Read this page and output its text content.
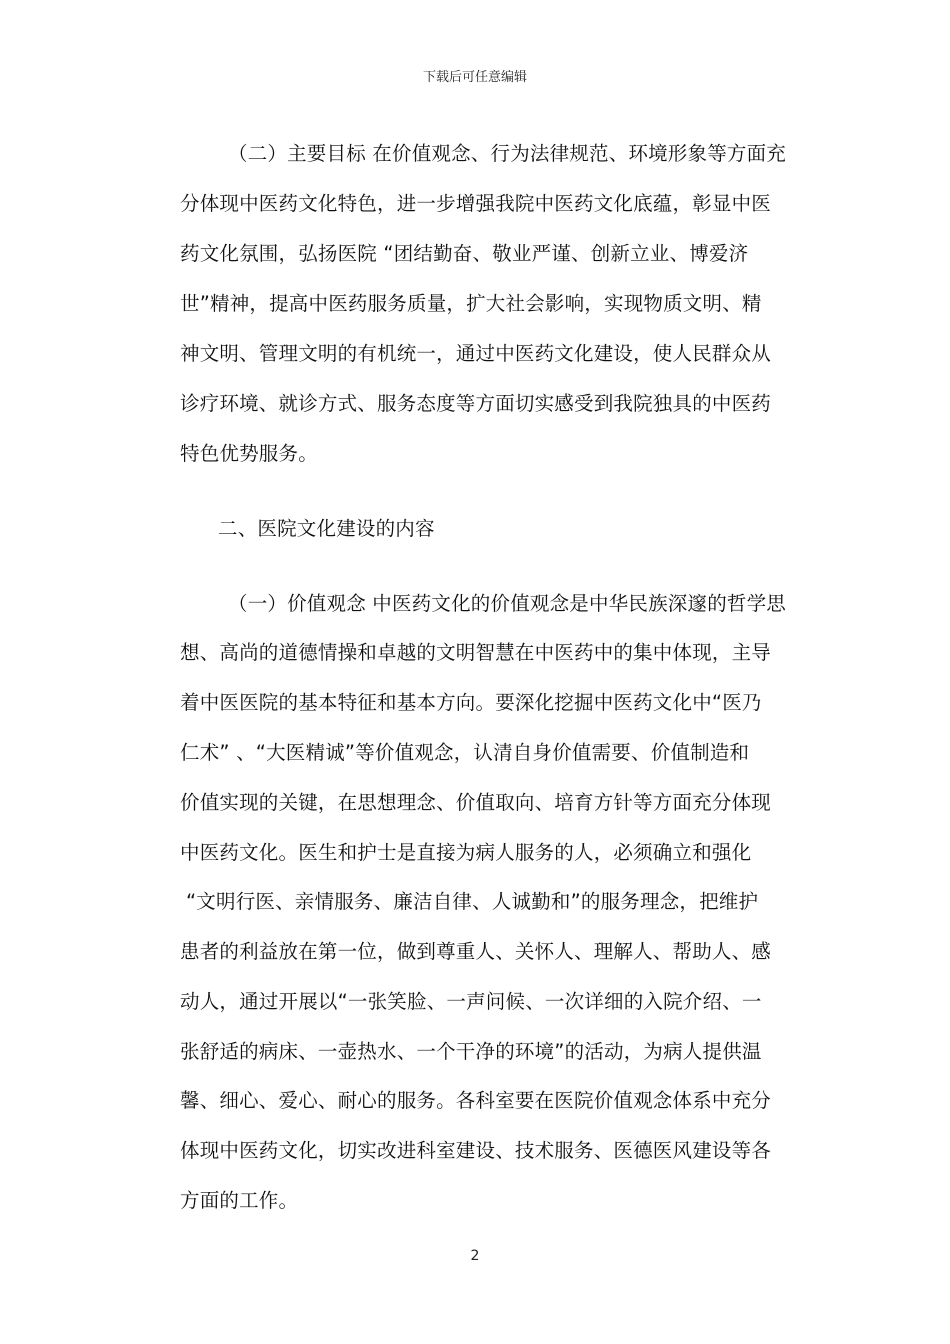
下载后可任意编辑
（二）主要目标 在价值观念、行为法律规范、环境形象等方面充
分体现中医药文化特色，进一步增强我院中医药文化底蕴，彰显中医
药文化氛围，弘扬医院 “团结勤奋、敬业严谨、创新立业、博爱济
世”精神，提高中医药服务质量，扩大社会影响，实现物质文明、精
神文明、管理文明的有机统一，通过中医药文化建设，使人民群众从
诊疗环境、就诊方式、服务态度等方面切实感受到我院独具的中医药
特色优势服务。
二、医院文化建设的内容
（一）价值观念 中医药文化的价值观念是中华民族深邃的哲学思
想、高尚的道德情操和卓越的文明智慧在中医药中的集中体现，主导
着中医医院的基本特征和基本方向。要深化挖掘中医药文化中“医乃
仁术” 、“大医精诚”等价值观念，认清自身价值需要、价值制造和
价值实现的关键，在思想理念、价值取向、培育方针等方面充分体现
中医药文化。医生和护士是直接为病人服务的人，必须确立和强化
“文明行医、亲情服务、廉洁自律、人诚勤和”的服务理念，把维护
患者的利益放在第一位，做到尊重人、关怀人、理解人、帮助人、感
动人，通过开展以“一张笑脸、一声问候、一次详细的入院介绍、一
张舒适的病床、一壶热水、一个干净的环境”的活动，为病人提供温
馨、细心、爱心、耐心的服务。各科室要在医院价值观念体系中充分
体现中医药文化，切实改进科室建设、技术服务、医德医风建设等各
方面的工作。
2
